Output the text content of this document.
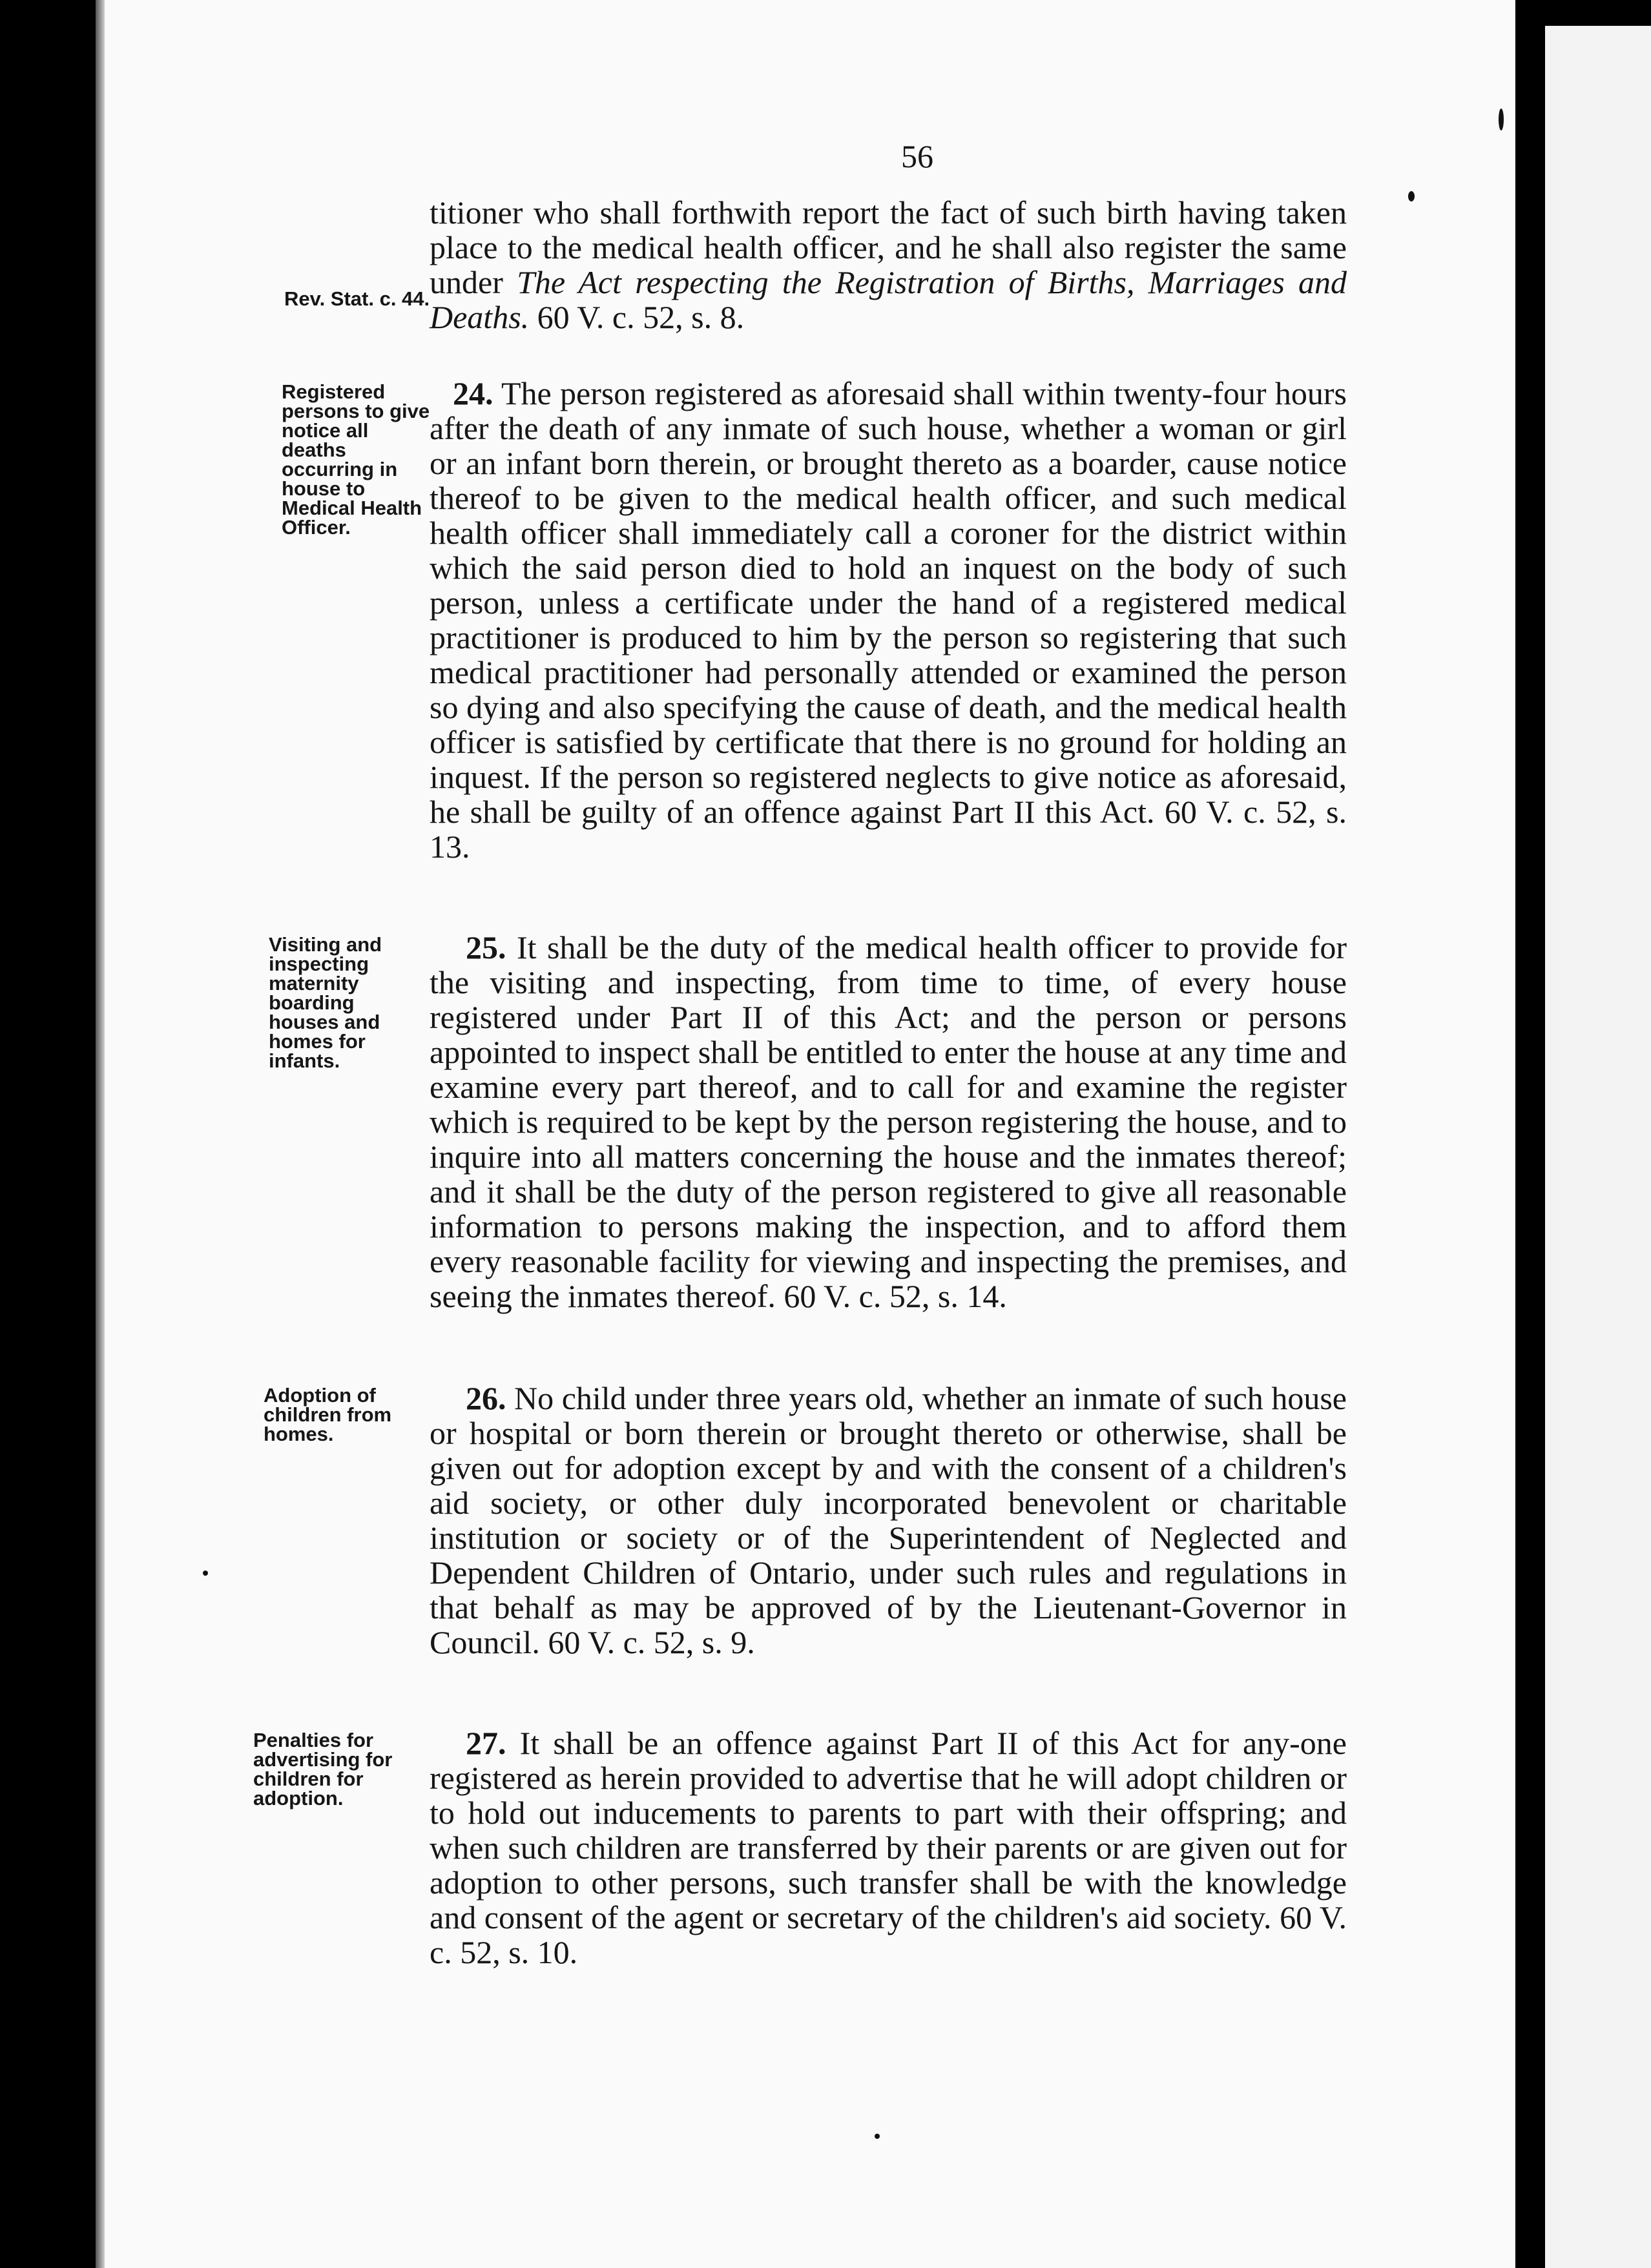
56
Rev. Stat. c. 44.

titioner who shall forthwith report the fact of such birth having taken place to the medical health officer, and he shall also register the same under The Act respecting the Registration of Births, Marriages and Deaths. 60 V. c. 52, s. 8.

Registered persons to give notice all deaths occurring in house to Medical Health Officer.

24. The person registered as aforesaid shall within twenty-four hours after the death of any inmate of such house, whether a woman or girl or an infant born therein, or brought thereto as a boarder, cause notice thereof to be given to the medical health officer, and such medical health officer shall immediately call a coroner for the district within which the said person died to hold an inquest on the body of such person, unless a certificate under the hand of a registered medical practitioner is produced to him by the person so registering that such medical practitioner had personally attended or examined the person so dying and also specifying the cause of death, and the medical health officer is satisfied by certificate that there is no ground for holding an inquest. If the person so registered neglects to give notice as aforesaid, he shall be guilty of an offence against Part II this Act. 60 V. c. 52, s. 13.

Visiting and inspecting maternity boarding houses and homes for infants.

25. It shall be the duty of the medical health officer to provide for the visiting and inspecting, from time to time, of every house registered under Part II of this Act; and the person or persons appointed to inspect shall be entitled to enter the house at any time and examine every part thereof, and to call for and examine the register which is required to be kept by the person registering the house, and to inquire into all matters concerning the house and the inmates thereof; and it shall be the duty of the person registered to give all reasonable information to persons making the inspection, and to afford them every reasonable facility for viewing and inspecting the premises, and seeing the inmates thereof. 60 V. c. 52, s. 14.

Adoption of children from homes.

26. No child under three years old, whether an inmate of such house or hospital or born therein or brought thereto or otherwise, shall be given out for adoption except by and with the consent of a children's aid society, or other duly incorporated benevolent or charitable institution or society or of the Superintendent of Neglected and Dependent Children of Ontario, under such rules and regulations in that behalf as may be approved of by the Lieutenant-Governor in Council. 60 V. c. 52, s. 9.

Penalties for advertising for children for adoption.

27. It shall be an offence against Part II of this Act for any-one registered as herein provided to advertise that he will adopt children or to hold out inducements to parents to part with their offspring; and when such children are transferred by their parents or are given out for adoption to other persons, such transfer shall be with the knowledge and consent of the agent or secretary of the children's aid society. 60 V. c. 52, s. 10.
